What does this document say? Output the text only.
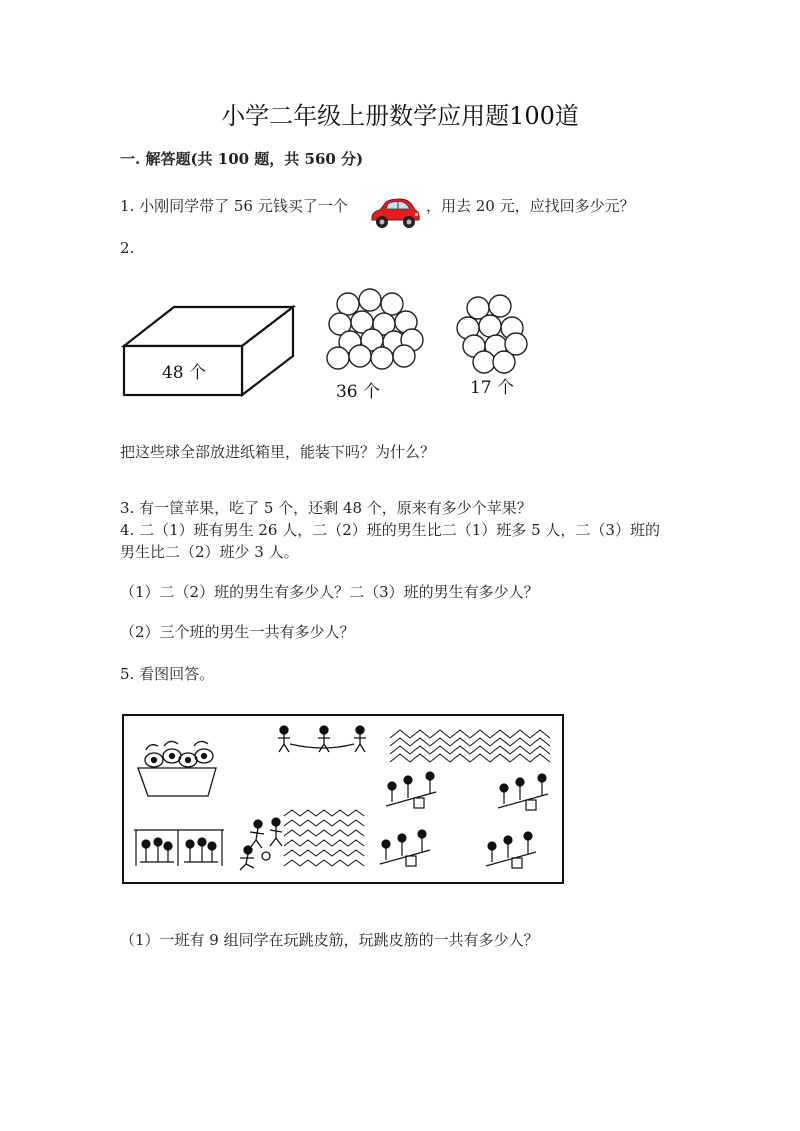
小学二年级上册数学应用题100道
一. 解答题(共 100 题，共 560 分)
1. 小刚同学带了 56 元钱买了一个	，用去 20 元，应找回多少元？
2.
48 个
36 个	17 个
把这些球全部放进纸箱里，能装下吗？为什么？
3. 有一筐苹果，吃了 5 个，还剩 48 个，原来有多少个苹果？
4. 二（1）班有男生 26 人，二（2）班的男生比二（1）班多 5 人，二（3）班的
男生比二（2）班少 3 人。
（1）二（2）班的男生有多少人？二（3）班的男生有多少人？
（2）三个班的男生一共有多少人？
5. 看图回答。
（1）一班有 9 组同学在玩跳皮筋，玩跳皮筋的一共有多少人？
